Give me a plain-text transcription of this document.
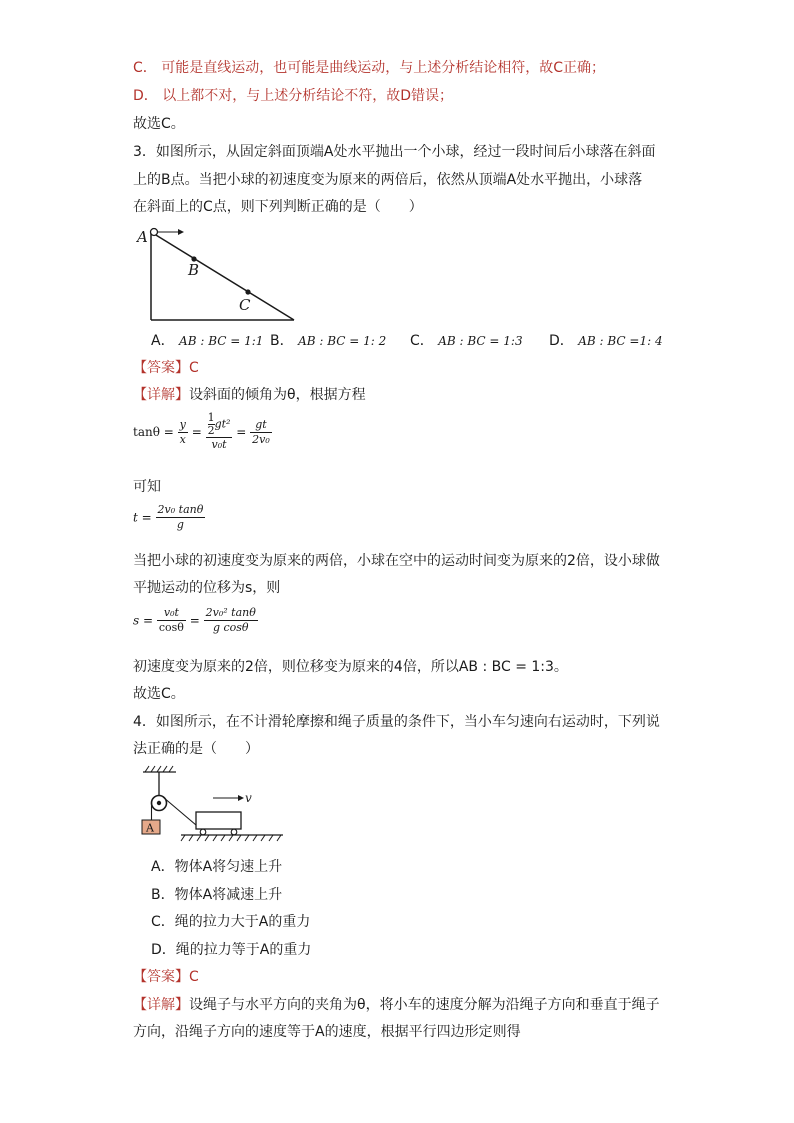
C． 可能是直线运动，也可能是曲线运动，与上述分析结论相符，故C正确；
D． 以上都不对，与上述分析结论不符，故D错误；
故选C。
3．如图所示，从固定斜面顶端A处水平抛出一个小球，经过一段时间后小球落在斜面
上的B点。当把小球的初速度变为原来的两倍后，依然从顶端A处水平抛出，小球落
在斜面上的C点，则下列判断正确的是（　　）
A
B
C
A． AB : BC = 1:1 B． AB : BC = 1: 2 C． AB : BC = 1:3 D． AB : BC =1: 4
【答案】C
【详解】设斜面的倾角为θ，根据方程
$\tan\theta = \frac{y}{x} = \frac{\frac{1}{2} gt^2}{\text{v₀t}} = \frac{gt}{\text{2v₀}}$
可知
$t = \frac{\text{2v₀ tanθ}}{g}$
当把小球的初速度变为原来的两倍，小球在空中的运动时间变为原来的2倍，设小球做
平抛运动的位移为s，则
$s = \frac{\text{v₀t}}{\cos\theta} = \frac{\text{2v₀² tanθ}}{\text{g cosθ}}$
初速度变为原来的2倍，则位移变为原来的4倍，所以AB : BC = 1:3。
故选C。
4．如图所示，在不计滑轮摩擦和绳子质量的条件下，当小车匀速向右运动时，下列说
法正确的是（　　）
A
v
A．物体A将匀速上升
B．物体A将减速上升
C．绳的拉力大于A的重力
D．绳的拉力等于A的重力
【答案】C
【详解】设绳子与水平方向的夹角为θ，将小车的速度分解为沿绳子方向和垂直于绳子
方向，沿绳子方向的速度等于A的速度，根据平行四边形定则得
